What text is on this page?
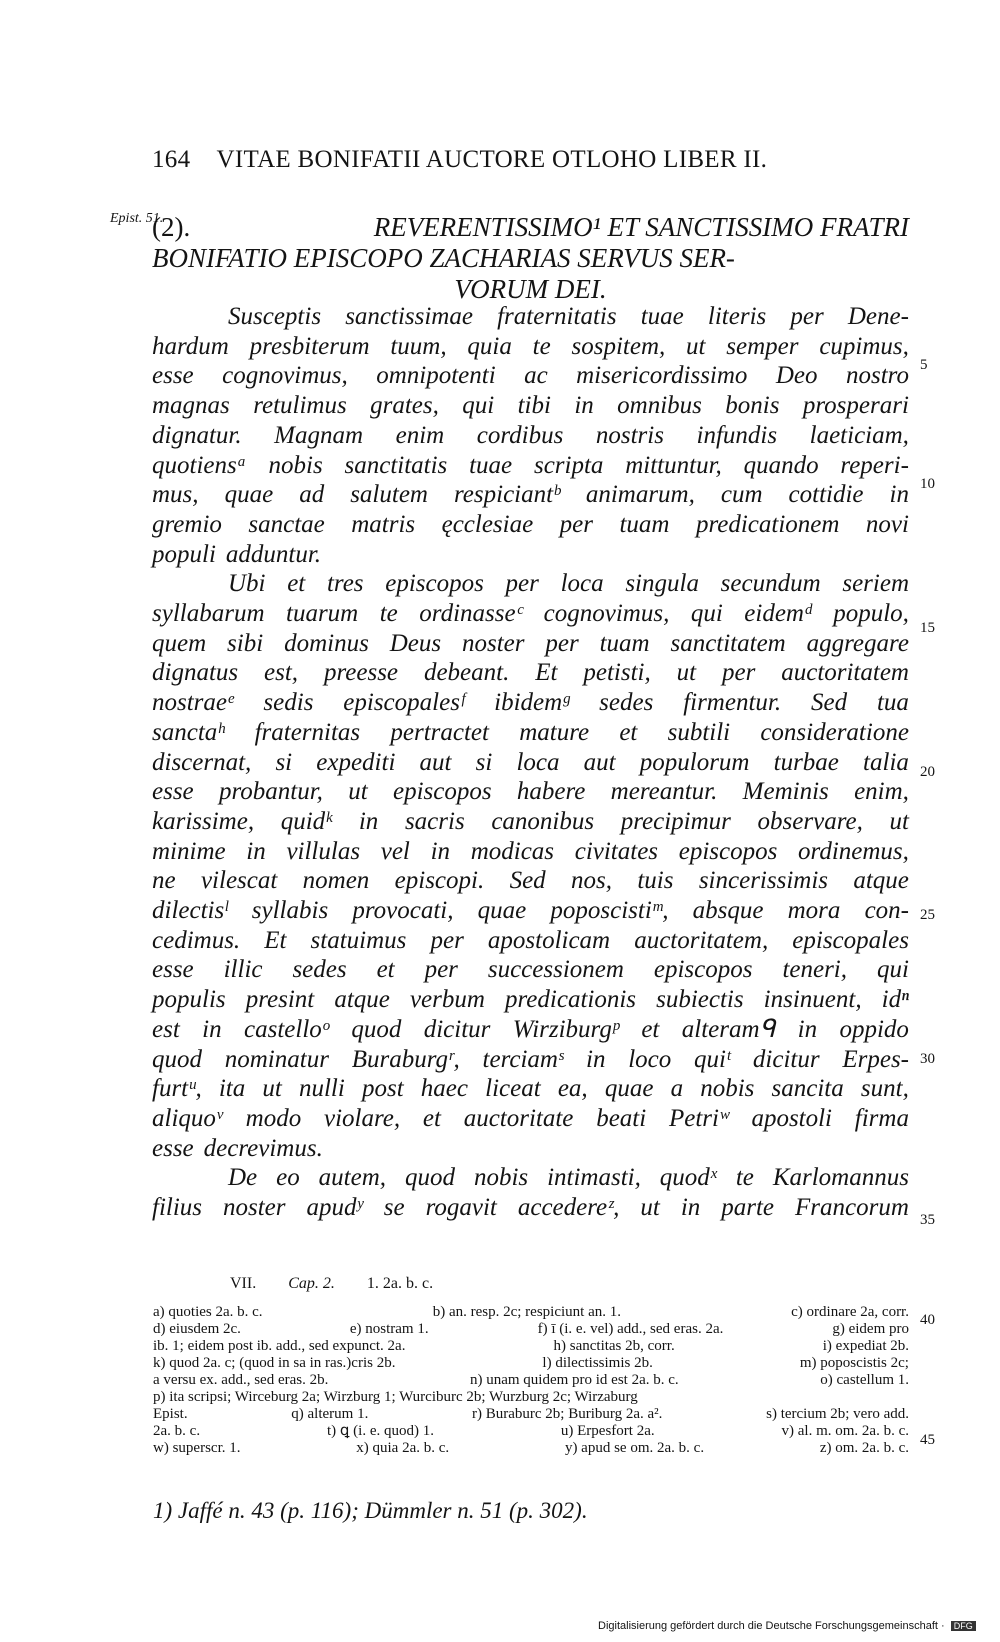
164 VITAE BONIFATII AUCTORE OTLOHO LIBER II.
Epist. 51.
(2).	REVERENTISSIMO¹ ET SANCTISSIMO FRATRI
BONIFATIO EPISCOPO ZACHARIAS SERVUS SER-
VORUM DEI.
Susceptis sanctissimae fraternitatis tuae literis per Dene-
hardum presbiterum tuum, quia te sospitem, ut semper cupimus,
esse cognovimus, omnipotenti ac misericordissimo Deo nostro
magnas retulimus grates, qui tibi in omnibus bonis prosperari
dignatur. Magnam enim cordibus nostris infundis laeticiam,
quotiensᵃ nobis sanctitatis tuae scripta mittuntur, quando reperi-
mus, quae ad salutem respiciantᵇ animarum, cum cottidie in
gremio sanctae matris ęcclesiae per tuam predicationem novi
populi adduntur.
Ubi et tres episcopos per loca singula secundum seriem
syllabarum tuarum te ordinasseᶜ cognovimus, qui eidemᵈ populo,
quem sibi dominus Deus noster per tuam sanctitatem aggregare
dignatus est, preesse debeant. Et petisti, ut per auctoritatem
nostraeᵉ sedis episcopalesᶠ ibidemᵍ sedes firmentur. Sed tua
sanctaʰ fraternitas pertractet mature et subtili consideratione
discernat, si expediti aut si loca aut populorum turbae talia
esse probantur, ut episcopos habere mereantur. Meminis enim,
karissime, quidᵏ in sacris canonibus precipimur observare, ut
minime in villulas vel in modicas civitates episcopos ordinemus,
ne vilescat nomen episcopi. Sed nos, tuis sincerissimis atque
dilectisˡ syllabis provocati, quae poposcistiᵐ, absque mora con-
cedimus. Et statuimus per apostolicam auctoritatem, episcopales
esse illic sedes et per successionem episcopos teneri, qui
populis presint atque verbum predicationis subiectis insinuent, idⁿ
est in castelloᵒ quod dicitur Wirziburgᵖ et alteramᑫ in oppido
quod nominatur Buraburgʳ, terciamˢ in loco quiᵗ dicitur Erpes-
furtᵘ, ita ut nulli post haec liceat ea, quae a nobis sancita sunt,
aliquoᵛ modo violare, et auctoritate beati Petriʷ apostoli firma
esse decrevimus.
De eo autem, quod nobis intimasti, quodˣ te Karlomannus
filius noster apudʸ se rogavit accedereᶻ, ut in parte Francorum
5
10
15
20
25
30
35
40
45
VII. Cap. 2. 1. 2a. b. c.
a) quoties 2a. b. c.	b) an. resp. 2c; respiciunt an. 1.	c) ordinare 2a, corr.
d) eiusdem 2c.	e) nostram 1.	f) ī (i. e. vel) add., sed eras. 2a.	g) eidem pro
ib. 1; eidem post ib. add., sed expunct. 2a.	h) sanctitas 2b, corr.	i) expediat 2b.
k) quod 2a. c; (quod in sa in ras.)cris 2b.	l) dilectissimis 2b.	m) poposcistis 2c;
a versu ex. add., sed eras. 2b.	n) unam quidem pro id est 2a. b. c.	o) castellum 1.
p) ita scripsi; Wirceburg 2a; Wirzburg 1; Wurciburc 2b; Wurzburg 2c; Wirzaburg
Epist.	q) alterum 1.	r) Buraburc 2b; Buriburg 2a. a².	s) tercium 2b; vero add.
2a. b. c.	t) ꝗ (i. e. quod) 1.	u) Erpesfort 2a.	v) al. m. om. 2a. b. c.
w) superscr. 1.	x) quia 2a. b. c.	y) apud se om. 2a. b. c.	z) om. 2a. b. c.
1) Jaffé n. 43 (p. 116); Dümmler n. 51 (p. 302).
Digitalisierung gefördert durch die Deutsche Forschungsgemeinschaft · DFG
